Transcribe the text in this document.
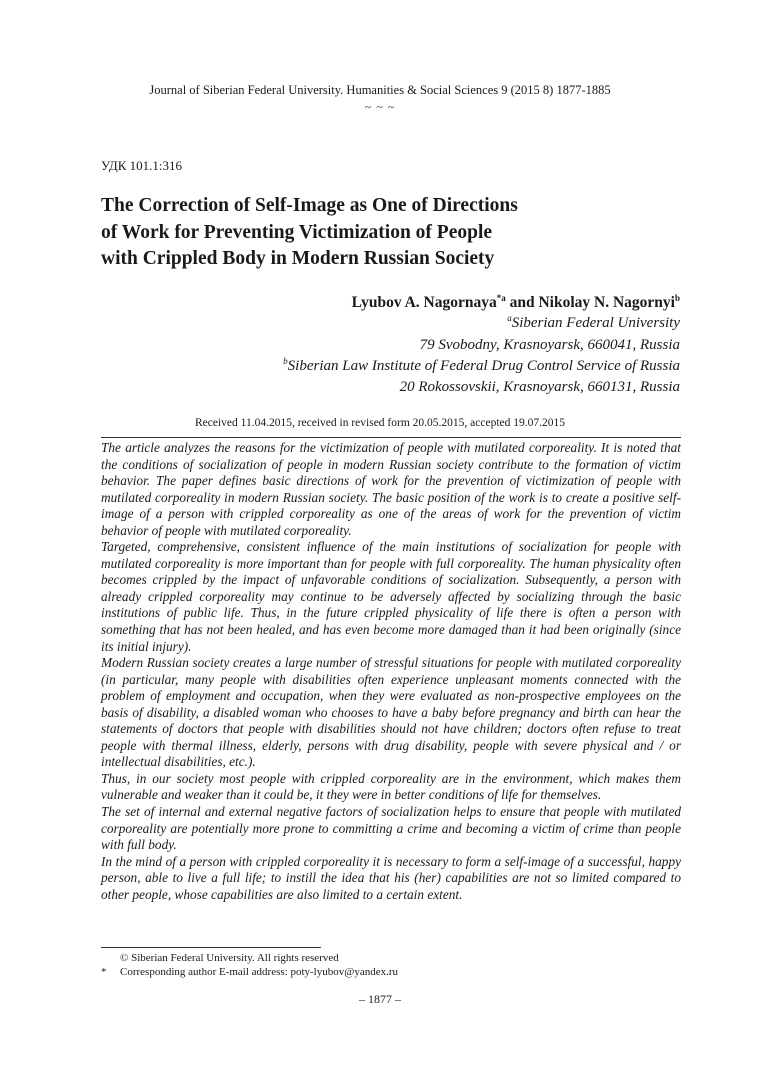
Journal of Siberian Federal University. Humanities & Social Sciences 9 (2015 8) 1877-1885
~ ~ ~
УДК 101.1:316
The Correction of Self-Image as One of Directions
of Work for Preventing Victimization of People
with Crippled Body in Modern Russian Society
Lyubov A. Nagornaya$^{*a}$ and Nikolay N. Nagornyi$^b$
$^a$Siberian Federal University
79 Svobodny, Krasnoyarsk, 660041, Russia
$^b$Siberian Law Institute of Federal Drug Control Service of Russia
20 Rokossovskii, Krasnoyarsk, 660131, Russia
Received 11.04.2015, received in revised form 20.05.2015, accepted 19.07.2015

The article analyzes the reasons for the victimization of people with mutilated corporeality. It is noted that the conditions of socialization of people in modern Russian society contribute to the formation of victim behavior. The paper defines basic directions of work for the prevention of victimization of people with mutilated corporeality in modern Russian society. The basic position of the work is to create a positive self-image of a person with crippled corporeality as one of the areas of work for the prevention of victim behavior of people with mutilated corporeality.

Targeted, comprehensive, consistent influence of the main institutions of socialization for people with mutilated corporeality is more important than for people with full corporeality. The human physicality often becomes crippled by the impact of unfavorable conditions of socialization. Subsequently, a person with already crippled corporeality may continue to be adversely affected by socializing through the basic institutions of public life. Thus, in the future crippled physicality of life there is often a person with something that has not been healed, and has even become more damaged than it had been originally (since its initial injury).

Modern Russian society creates a large number of stressful situations for people with mutilated corporeality (in particular, many people with disabilities often experience unpleasant moments connected with the problem of employment and occupation, when they were evaluated as non-prospective employees on the basis of disability, a disabled woman who chooses to have a baby before pregnancy and birth can hear the statements of doctors that people with disabilities should not have children; doctors often refuse to treat people with thermal illness, elderly, persons with drug disability, people with severe physical and / or intellectual disabilities, etc.).

Thus, in our society most people with crippled corporeality are in the environment, which makes them vulnerable and weaker than it could be, it they were in better conditions of life for themselves.

The set of internal and external negative factors of socialization helps to ensure that people with mutilated corporeality are potentially more prone to committing a crime and becoming a victim of crime than people with full body.

In the mind of a person with crippled corporeality it is necessary to form a self-image of a successful, happy person, able to live a full life; to instill the idea that his (her) capabilities are not so limited compared to other people, whose capabilities are also limited to a certain extent.

© Siberian Federal University. All rights reserved
* Corresponding author E-mail address: poty-lyubov@yandex.ru
– 1877 –
